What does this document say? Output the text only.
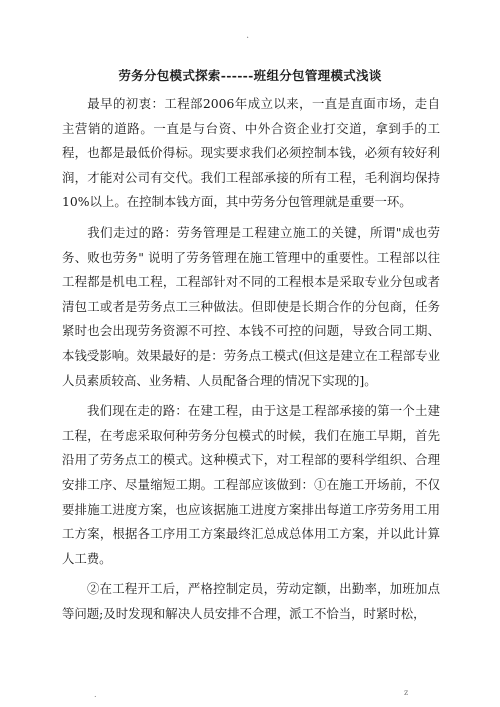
.
劳务分包模式探索------班组分包管理模式浅谈

最早的初衷：工程部2006年成立以来，一直是直面市场，走自主营销的道路。一直是与台资、中外合资企业打交道，拿到手的工程，也都是最低价得标。现实要求我们必须控制本钱，必须有较好利润，才能对公司有交代。我们工程部承接的所有工程，毛利润均保持10%以上。在控制本钱方面，其中劳务分包管理就是重要一环。

我们走过的路：劳务管理是工程建立施工的关键，所谓"成也劳务、败也劳务" 说明了劳务管理在施工管理中的重要性。工程部以往工程都是机电工程，工程部针对不同的工程根本是采取专业分包或者清包工或者是劳务点工三种做法。但即使是长期合作的分包商，任务紧时也会出现劳务资源不可控、本钱不可控的问题，导致合同工期、本钱受影响。效果最好的是：劳务点工模式(但这是建立在工程部专业人员素质较高、业务精、人员配备合理的情况下实现的]。

我们现在走的路：在建工程，由于这是工程部承接的第一个土建工程，在考虑采取何种劳务分包模式的时候，我们在施工早期，首先沿用了劳务点工的模式。这种模式下，对工程部的要科学组织、合理安排工序、尽量缩短工期。工程部应该做到：①在施工开场前，不仅要排施工进度方案，也应该据施工进度方案排出每道工序劳务用工用工方案，根据各工序用工方案最终汇总成总体用工方案，并以此计算人工费。

②在工程开工后，严格控制定员，劳动定额，出勤率，加班加点等问题;及时发现和解决人员安排不合理，派工不恰当，时紧时松，

.	z
